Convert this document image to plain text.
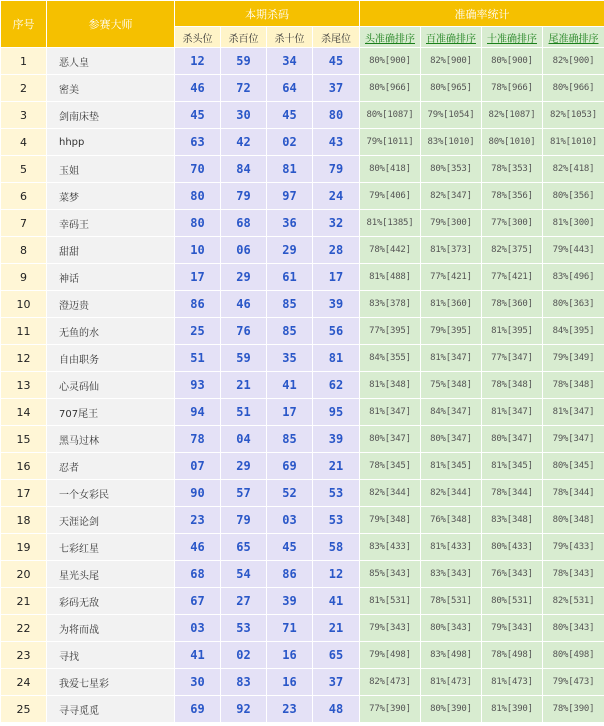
序号	参赛大师	本期杀码				准确率统计			
		杀头位	杀百位	杀十位	杀尾位	头准确排序	百准确排序	十准确排序	尾准确排序
1	恶人皇	12	59	34	45	80%[900]	82%[900]	80%[900]	82%[900]
2	密美	46	72	64	37	80%[966]	80%[965]	78%[966]	80%[966]
3	剑南床垫	45	30	45	80	80%[1087]	79%[1054]	82%[1087]	82%[1053]
4	hhpp	63	42	02	43	79%[1011]	83%[1010]	80%[1010]	81%[1010]
5	玉姐	70	84	81	79	80%[418]	80%[353]	78%[353]	82%[418]
6	菜梦	80	79	97	24	79%[406]	82%[347]	78%[356]	80%[356]
7	幸码王	80	68	36	32	81%[1385]	79%[300]	77%[300]	81%[300]
8	甜甜	10	06	29	28	78%[442]	81%[373]	82%[375]	79%[443]
9	神话	17	29	61	17	81%[488]	77%[421]	77%[421]	83%[496]
10	澄迈贵	86	46	85	39	83%[378]	81%[360]	78%[360]	80%[363]
11	无鱼的水	25	76	85	56	77%[395]	79%[395]	81%[395]	84%[395]
12	自由职务	51	59	35	81	84%[355]	81%[347]	77%[347]	79%[349]
13	心灵码仙	93	21	41	62	81%[348]	75%[348]	78%[348]	78%[348]
14	707尾王	94	51	17	95	81%[347]	84%[347]	81%[347]	81%[347]
15	黑马过林	78	04	85	39	80%[347]	80%[347]	80%[347]	79%[347]
16	忍者	07	29	69	21	78%[345]	81%[345]	81%[345]	80%[345]
17	一个女彩民	90	57	52	53	82%[344]	82%[344]	78%[344]	78%[344]
18	天涯论剑	23	79	03	53	79%[348]	76%[348]	83%[348]	80%[348]
19	七彩红星	46	65	45	58	83%[433]	81%[433]	80%[433]	79%[433]
20	星光头尾	68	54	86	12	85%[343]	83%[343]	76%[343]	78%[343]
21	彩码无敌	67	27	39	41	81%[531]	78%[531]	80%[531]	82%[531]
22	为将而战	03	53	71	21	79%[343]	80%[343]	79%[343]	80%[343]
23	寻找	41	02	16	65	79%[498]	83%[498]	78%[498]	80%[498]
24	我爱七星彩	30	83	16	37	82%[473]	81%[473]	81%[473]	79%[473]
25	寻寻觅觅	69	92	23	48	77%[390]	80%[390]	81%[390]	78%[390]
